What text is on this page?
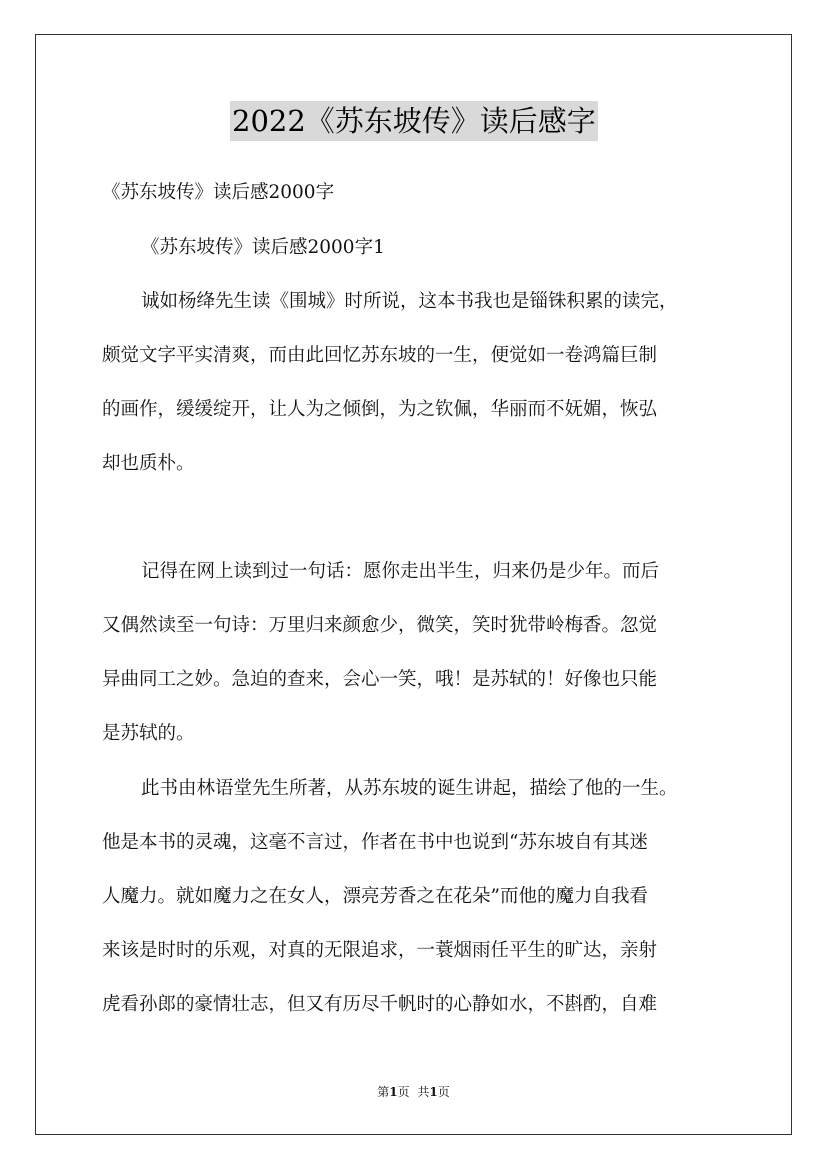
2022《苏东坡传》读后感字
《苏东坡传》读后感2000字
《苏东坡传》读后感2000字1
诚如杨绛先生读《围城》时所说，这本书我也是锱铢积累的读完，
颇觉文字平实清爽，而由此回忆苏东坡的一生，便觉如一卷鸿篇巨制
的画作，缓缓绽开，让人为之倾倒，为之钦佩，华丽而不妩媚，恢弘
却也质朴。
记得在网上读到过一句话：愿你走出半生，归来仍是少年。而后
又偶然读至一句诗：万里归来颜愈少，微笑，笑时犹带岭梅香。忽觉
异曲同工之妙。急迫的查来，会心一笑，哦！是苏轼的！好像也只能
是苏轼的。
此书由林语堂先生所著，从苏东坡的诞生讲起，描绘了他的一生。
他是本书的灵魂，这毫不言过，作者在书中也说到“苏东坡自有其迷
人魔力。就如魔力之在女人，漂亮芳香之在花朵”而他的魔力自我看
来该是时时的乐观，对真的无限追求，一蓑烟雨任平生的旷达，亲射
虎看孙郎的豪情壮志，但又有历尽千帆时的心静如水，不斟酌，自难
第1页 共1页
